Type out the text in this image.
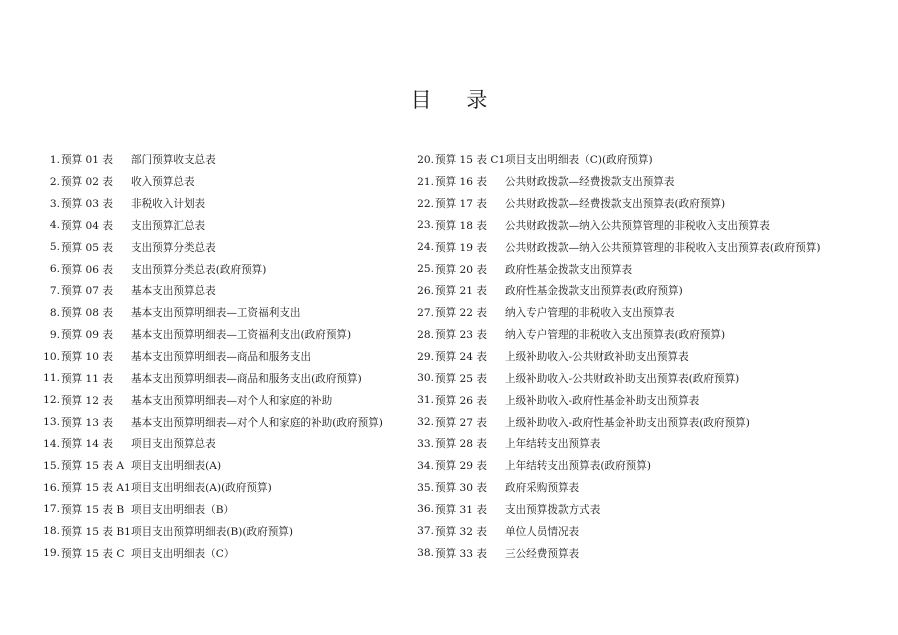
目 录
1. 预算 01 表	部门预算收支总表
2. 预算 02 表	收入预算总表
3. 预算 03 表	非税收入计划表
4. 预算 04 表	支出预算汇总表
5. 预算 05 表	支出预算分类总表
6. 预算 06 表	支出预算分类总表(政府预算)
7. 预算 07 表	基本支出预算总表
8. 预算 08 表	基本支出预算明细表—工资福利支出
9. 预算 09 表	基本支出预算明细表—工资福利支出(政府预算)
10. 预算 10 表	基本支出预算明细表—商品和服务支出
11. 预算 11 表	基本支出预算明细表—商品和服务支出(政府预算)
12. 预算 12 表	基本支出预算明细表—对个人和家庭的补助
13. 预算 13 表	基本支出预算明细表—对个人和家庭的补助(政府预算)
14. 预算 14 表	项目支出预算总表
15. 预算 15 表 A 项目支出明细表(A)
16. 预算 15 表 A1 项目支出明细表(A)(政府预算)
17. 预算 15 表 B 项目支出明细表（B）
18. 预算 15 表 B1 项目支出预算明细表(B)(政府预算)
19. 预算 15 表 C 项目支出明细表（C）
20. 预算 15 表 C1 项目支出明细表（C)(政府预算)
21. 预算 16 表	公共财政拨款—经费拨款支出预算表
22. 预算 17 表	公共财政拨款—经费拨款支出预算表(政府预算)
23. 预算 18 表	公共财政拨款—纳入公共预算管理的非税收入支出预算表
24. 预算 19 表	公共财政拨款—纳入公共预算管理的非税收入支出预算表(政府预算)
25. 预算 20 表	政府性基金拨款支出预算表
26. 预算 21 表	政府性基金拨款支出预算表(政府预算)
27. 预算 22 表	纳入专户管理的非税收入支出预算表
28. 预算 23 表	纳入专户管理的非税收入支出预算表(政府预算)
29. 预算 24 表	上级补助收入-公共财政补助支出预算表
30. 预算 25 表	上级补助收入-公共财政补助支出预算表(政府预算)
31. 预算 26 表	上级补助收入-政府性基金补助支出预算表
32. 预算 27 表	上级补助收入-政府性基金补助支出预算表(政府预算)
33. 预算 28 表	上年结转支出预算表
34. 预算 29 表	上年结转支出预算表(政府预算)
35. 预算 30 表	政府采购预算表
36. 预算 31 表	支出预算拨款方式表
37. 预算 32 表	单位人员情况表
38. 预算 33 表	三公经费预算表
